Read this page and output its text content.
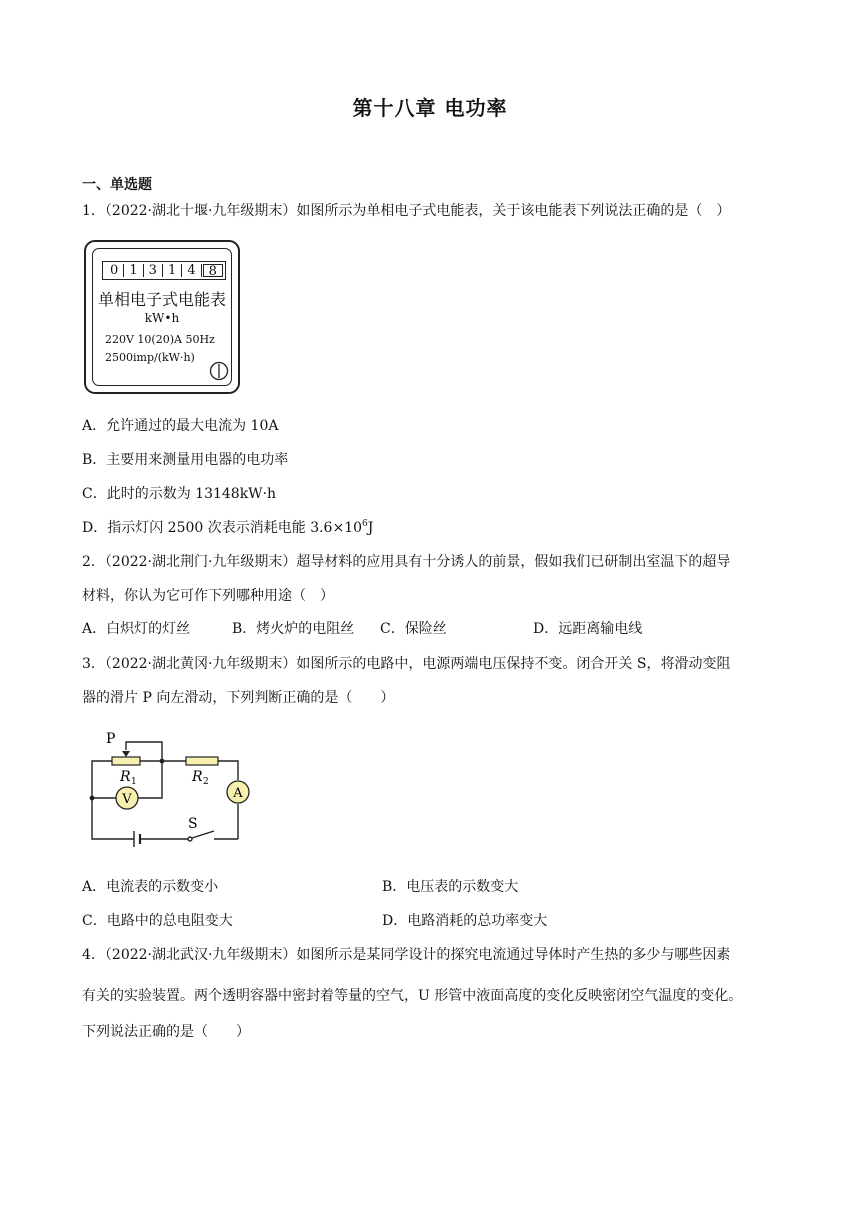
第十八章 电功率
一、单选题
1．（2022·湖北十堰·九年级期末）如图所示为单相电子式电能表，关于该电能表下列说法正确的是（　）
0 1 3 1 4	8
单相电子式电能表
kW•h
220V 10(20)A 50Hz
2500imp/(kW·h)
A．允许通过的最大电流为 10A
B．主要用来测量用电器的电功率
C．此时的示数为 13148kW·h
D．指示灯闪 2500 次表示消耗电能 $3.6\times 10^6J$
2．（2022·湖北荆门·九年级期末）超导材料的应用具有十分诱人的前景，假如我们已研制出室温下的超导
材料，你认为它可作下列哪种用途（　）
A．白炽灯的灯丝	B．烤火炉的电阻丝 C．保险丝	D．远距离输电线
3．（2022·湖北黄冈·九年级期末）如图所示的电路中，电源两端电压保持不变。闭合开关 S，将滑动变阻
器的滑片 P 向左滑动，下列判断正确的是（　　）
V	A
P
R 1	R 2
S
A．电流表的示数变小	B．电压表的示数变大
C．电路中的总电阻变大	D．电路消耗的总功率变大
4．（2022·湖北武汉·九年级期末）如图所示是某同学设计的探究电流通过导体时产生热的多少与哪些因素
有关的实验装置。两个透明容器中密封着等量的空气，U 形管中液面高度的变化反映密闭空气温度的变化。
下列说法正确的是（　　）
